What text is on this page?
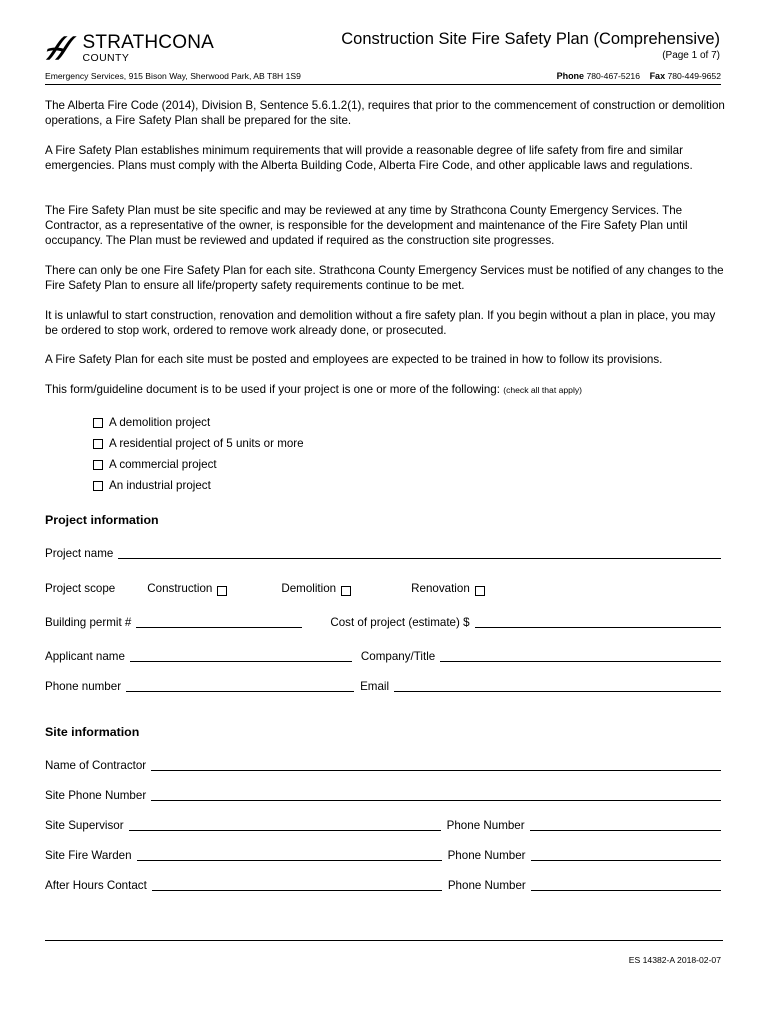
STRATHCONA
COUNTY
Construction Site Fire Safety Plan (Comprehensive)
(Page 1 of 7)
Emergency Services, 915 Bison Way, Sherwood Park, AB T8H 1S9	Phone 780-467-5216 Fax 780-449-9652

The Alberta Fire Code (2014), Division B, Sentence 5.6.1.2(1), requires that prior to the commencement of construction or demolition operations, a Fire Safety Plan shall be prepared for the site.

A Fire Safety Plan establishes minimum requirements that will provide a reasonable degree of life safety from fire and similar emergencies. Plans must comply with the Alberta Building Code, Alberta Fire Code, and other applicable laws and regulations.

The Fire Safety Plan must be site specific and may be reviewed at any time by Strathcona County Emergency Services. The Contractor, as a representative of the owner, is responsible for the development and maintenance of the Fire Safety Plan until occupancy. The Plan must be reviewed and updated if required as the construction site progresses.

There can only be one Fire Safety Plan for each site. Strathcona County Emergency Services must be notified of any changes to the Fire Safety Plan to ensure all life/property safety requirements continue to be met.

It is unlawful to start construction, renovation and demolition without a fire safety plan. If you begin without a plan in place, you may be ordered to stop work, ordered to remove work already done, or prosecuted.

A Fire Safety Plan for each site must be posted and employees are expected to be trained in how to follow its provisions.

This form/guideline document is to be used if your project is one or more of the following: (check all that apply)

A demolition project
A residential project of 5 units or more
A commercial project
An industrial project
Project information
Project name
Project scope	Construction	Demolition	Renovation
Building permit #	Cost of project (estimate) $
Applicant name	Company/Title
Phone number	Email
Site information
Name of Contractor
Site Phone Number
Site Supervisor	Phone Number
Site Fire Warden	Phone Number
After Hours Contact	Phone Number
ES 14382-A 2018-02-07
